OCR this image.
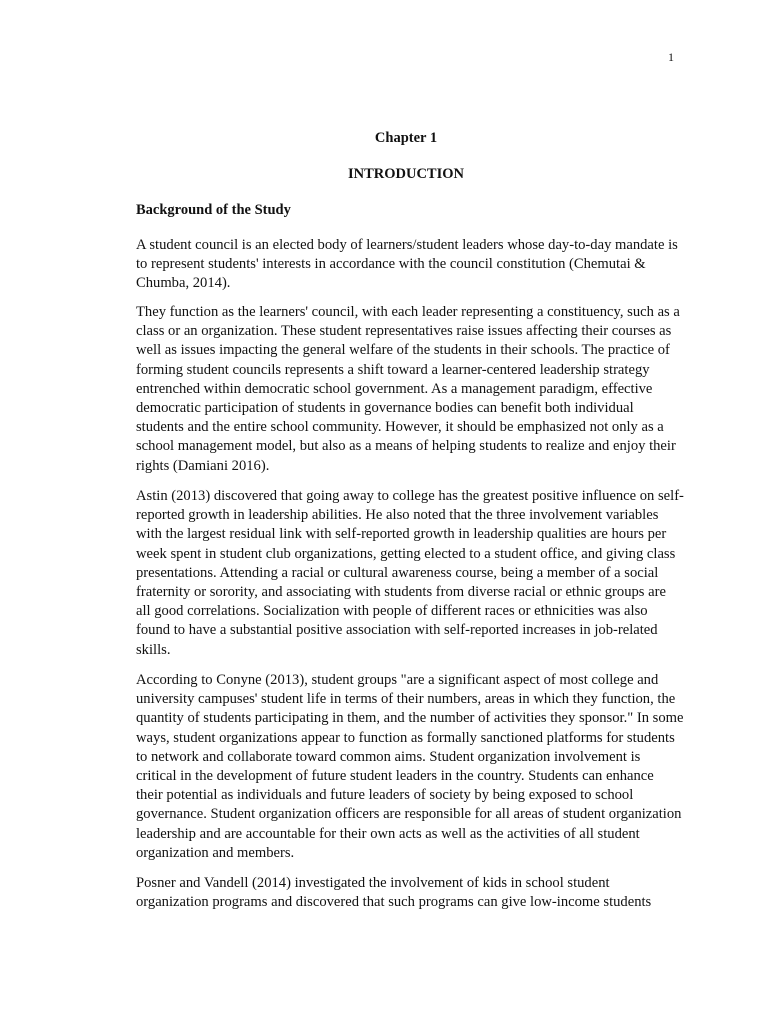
1
Chapter 1
INTRODUCTION
Background of the Study

A student council is an elected body of learners/student leaders whose day-to-day mandate is to represent students' interests in accordance with the council constitution (Chemutai & Chumba, 2014).

They function as the learners' council, with each leader representing a constituency, such as a class or an organization. These student representatives raise issues affecting their courses as well as issues impacting the general welfare of the students in their schools. The practice of forming student councils represents a shift toward a learner-centered leadership strategy entrenched within democratic school government. As a management paradigm, effective democratic participation of students in governance bodies can benefit both individual students and the entire school community. However, it should be emphasized not only as a school management model, but also as a means of helping students to realize and enjoy their rights (Damiani 2016).

Astin (2013) discovered that going away to college has the greatest positive influence on self-reported growth in leadership abilities. He also noted that the three involvement variables with the largest residual link with self-reported growth in leadership qualities are hours per week spent in student club organizations, getting elected to a student office, and giving class presentations. Attending a racial or cultural awareness course, being a member of a social fraternity or sorority, and associating with students from diverse racial or ethnic groups are all good correlations. Socialization with people of different races or ethnicities was also found to have a substantial positive association with self-reported increases in job-related skills.

According to Conyne (2013), student groups "are a significant aspect of most college and university campuses' student life in terms of their numbers, areas in which they function, the quantity of students participating in them, and the number of activities they sponsor." In some ways, student organizations appear to function as formally sanctioned platforms for students to network and collaborate toward common aims. Student organization involvement is critical in the development of future student leaders in the country. Students can enhance their potential as individuals and future leaders of society by being exposed to school governance. Student organization officers are responsible for all areas of student organization leadership and are accountable for their own acts as well as the activities of all student organization and members.

Posner and Vandell (2014) investigated the involvement of kids in school student organization programs and discovered that such programs can give low-income students
